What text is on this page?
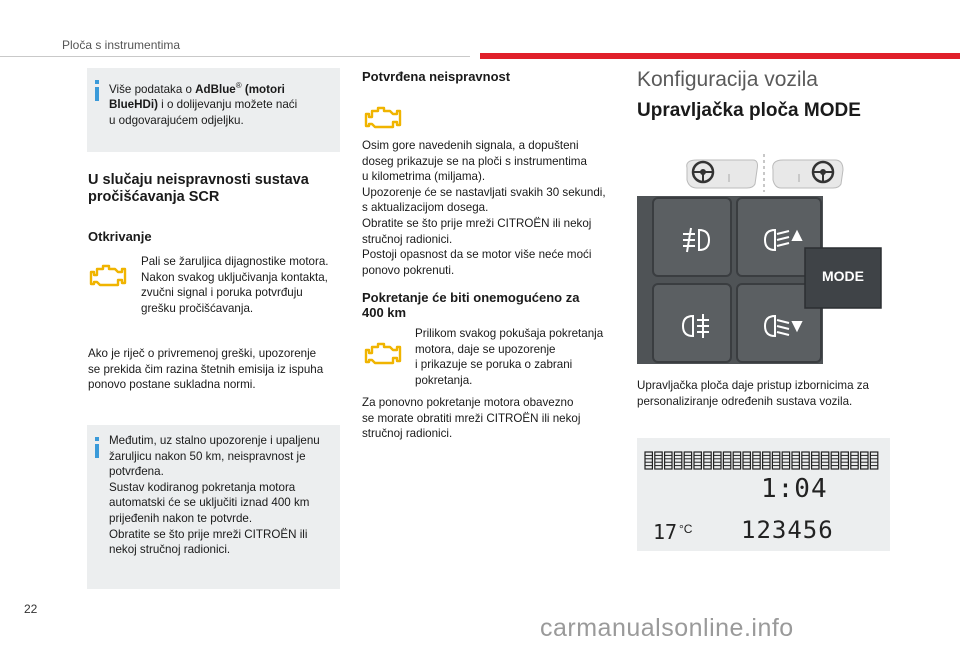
Ploča s instrumentima
Više podataka o AdBlue® (motori
BlueHDi) i o dolijevanju možete naći
u odgovarajućem odjeljku.
U slučaju neispravnosti sustava
pročišćavanja SCR
Otkrivanje
Pali se žaruljica dijagnostike motora.
Nakon svakog uključivanja kontakta,
zvučni signal i poruka potvrđuju
grešku pročišćavanja.
Ako je riječ o privremenoj greški, upozorenje
se prekida čim razina štetnih emisija iz ispuha
ponovo postane sukladna normi.
Međutim, uz stalno upozorenje i upaljenu
žaruljicu nakon 50 km, neispravnost je
potvrđena.
Sustav kodiranog pokretanja motora
automatski će se uključiti iznad 400 km
prijeđenih nakon te potvrde.
Obratite se što prije mreži CITROËN ili
nekoj stručnoj radionici.
Potvrđena neispravnost
Osim gore navedenih signala, a dopušteni
doseg prikazuje se na ploči s instrumentima
u kilometrima (miljama).
Upozorenje će se nastavljati svakih 30 sekundi,
s aktualizacijom dosega.
Obratite se što prije mreži CITROËN ili nekoj
stručnoj radionici.
Postoji opasnost da se motor više neće moći
ponovo pokrenuti.
Pokretanje će biti onemogućeno za
400 km
Prilikom svakog pokušaja pokretanja
motora, daje se upozorenje
i prikazuje se poruka o zabrani
pokretanja.
Za ponovno pokretanje motora obavezno
se morate obratiti mreži CITROËN ili nekoj
stručnoj radionici.
Konfiguracija vozila
Upravljačka ploča MODE
MODE
Upravljačka ploča daje pristup izbornicima za
personaliziranje određenih sustava vozila.
1:04
17 °C 123456
22
carmanualsonline.info
